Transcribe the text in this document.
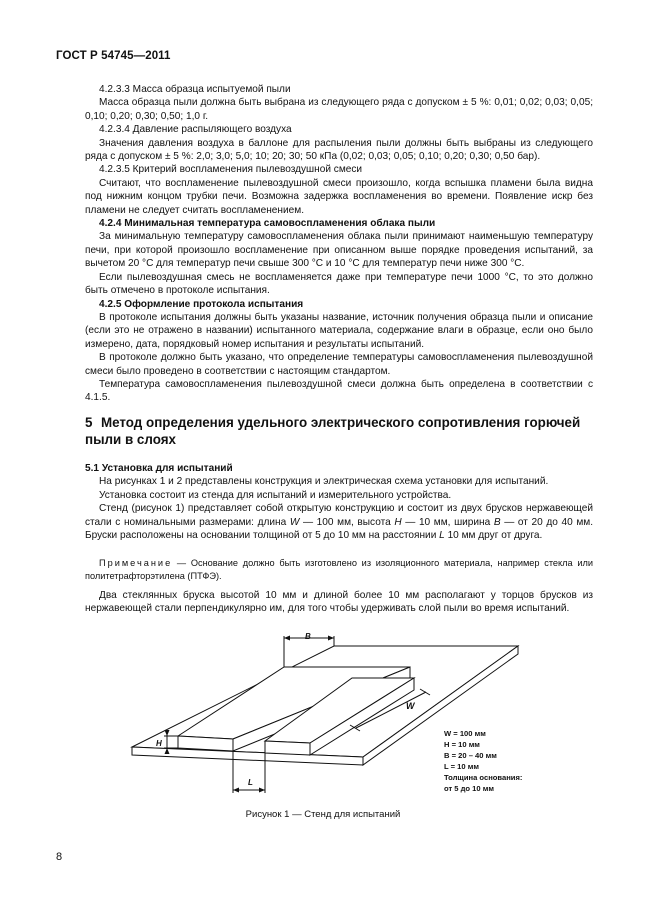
ГОСТ Р 54745—2011

4.2.3.3 Масса образца испытуемой пыли

Масса образца пыли должна быть выбрана из следующего ряда с допуском ± 5 %: 0,01; 0,02; 0,03; 0,05; 0,10; 0,20; 0,30; 0,50; 1,0 г.

4.2.3.4 Давление распыляющего воздуха

Значения давления воздуха в баллоне для распыления пыли должны быть выбраны из следующего ряда с допуском ± 5 %: 2,0; 3,0; 5,0; 10; 20; 30; 50 кПа (0,02; 0,03; 0,05; 0,10; 0,20; 0,30; 0,50 бар).

4.2.3.5 Критерий воспламенения пылевоздушной смеси

Считают, что воспламенение пылевоздушной смеси произошло, когда вспышка пламени была видна под нижним концом трубки печи. Возможна задержка воспламенения во времени. Появление искр без пламени не следует считать воспламенением.

4.2.4 Минимальная температура самовоспламенения облака пыли

За минимальную температуру самовоспламенения облака пыли принимают наименьшую температуру печи, при которой произошло воспламенение при описанном выше порядке проведения испытаний, за вычетом 20 °С для температур печи свыше 300 °С и 10 °С для температур печи ниже 300 °С.

Если пылевоздушная смесь не воспламеняется даже при температуре печи 1000 °С, то это должно быть отмечено в протоколе испытания.

4.2.5 Оформление протокола испытания

В протоколе испытания должны быть указаны название, источник получения образца пыли и описание (если это не отражено в названии) испытанного материала, содержание влаги в образце, если оно было измерено, дата, порядковый номер испытания и результаты испытаний.

В протоколе должно быть указано, что определение температуры самовоспламенения пылевоздушной смеси было проведено в соответствии с настоящим стандартом.

Температура самовоспламенения пылевоздушной смеси должна быть определена в соответствии с 4.1.5.

5 Метод определения удельного электрического сопротивления горючей пыли в слоях

5.1 Установка для испытаний

На рисунках 1 и 2 представлены конструкция и электрическая схема установки для испытаний.

Установка состоит из стенда для испытаний и измерительного устройства.

Стенд (рисунок 1) представляет собой открытую конструкцию и состоит из двух брусков нержавеющей стали с номинальными размерами: длина W — 100 мм, высота H — 10 мм, ширина B — от 20 до 40 мм. Бруски расположены на основании толщиной от 5 до 10 мм на расстоянии L 10 мм друг от друга.

Примечание — Основание должно быть изготовлено из изоляционного материала, например стекла или политетрафторэтилена (ПТФЭ).

Два стеклянных бруска высотой 10 мм и длиной более 10 мм располагают у торцов брусков из нержавеющей стали перпендикулярно им, для того чтобы удерживать слой пыли во время испытаний.

B
W
H
L
W = 100 мм
H = 10 мм
B = 20 – 40 мм
L = 10 мм
Толщина основания:
от 5 до 10 мм
Рисунок 1 — Стенд для испытаний
8
